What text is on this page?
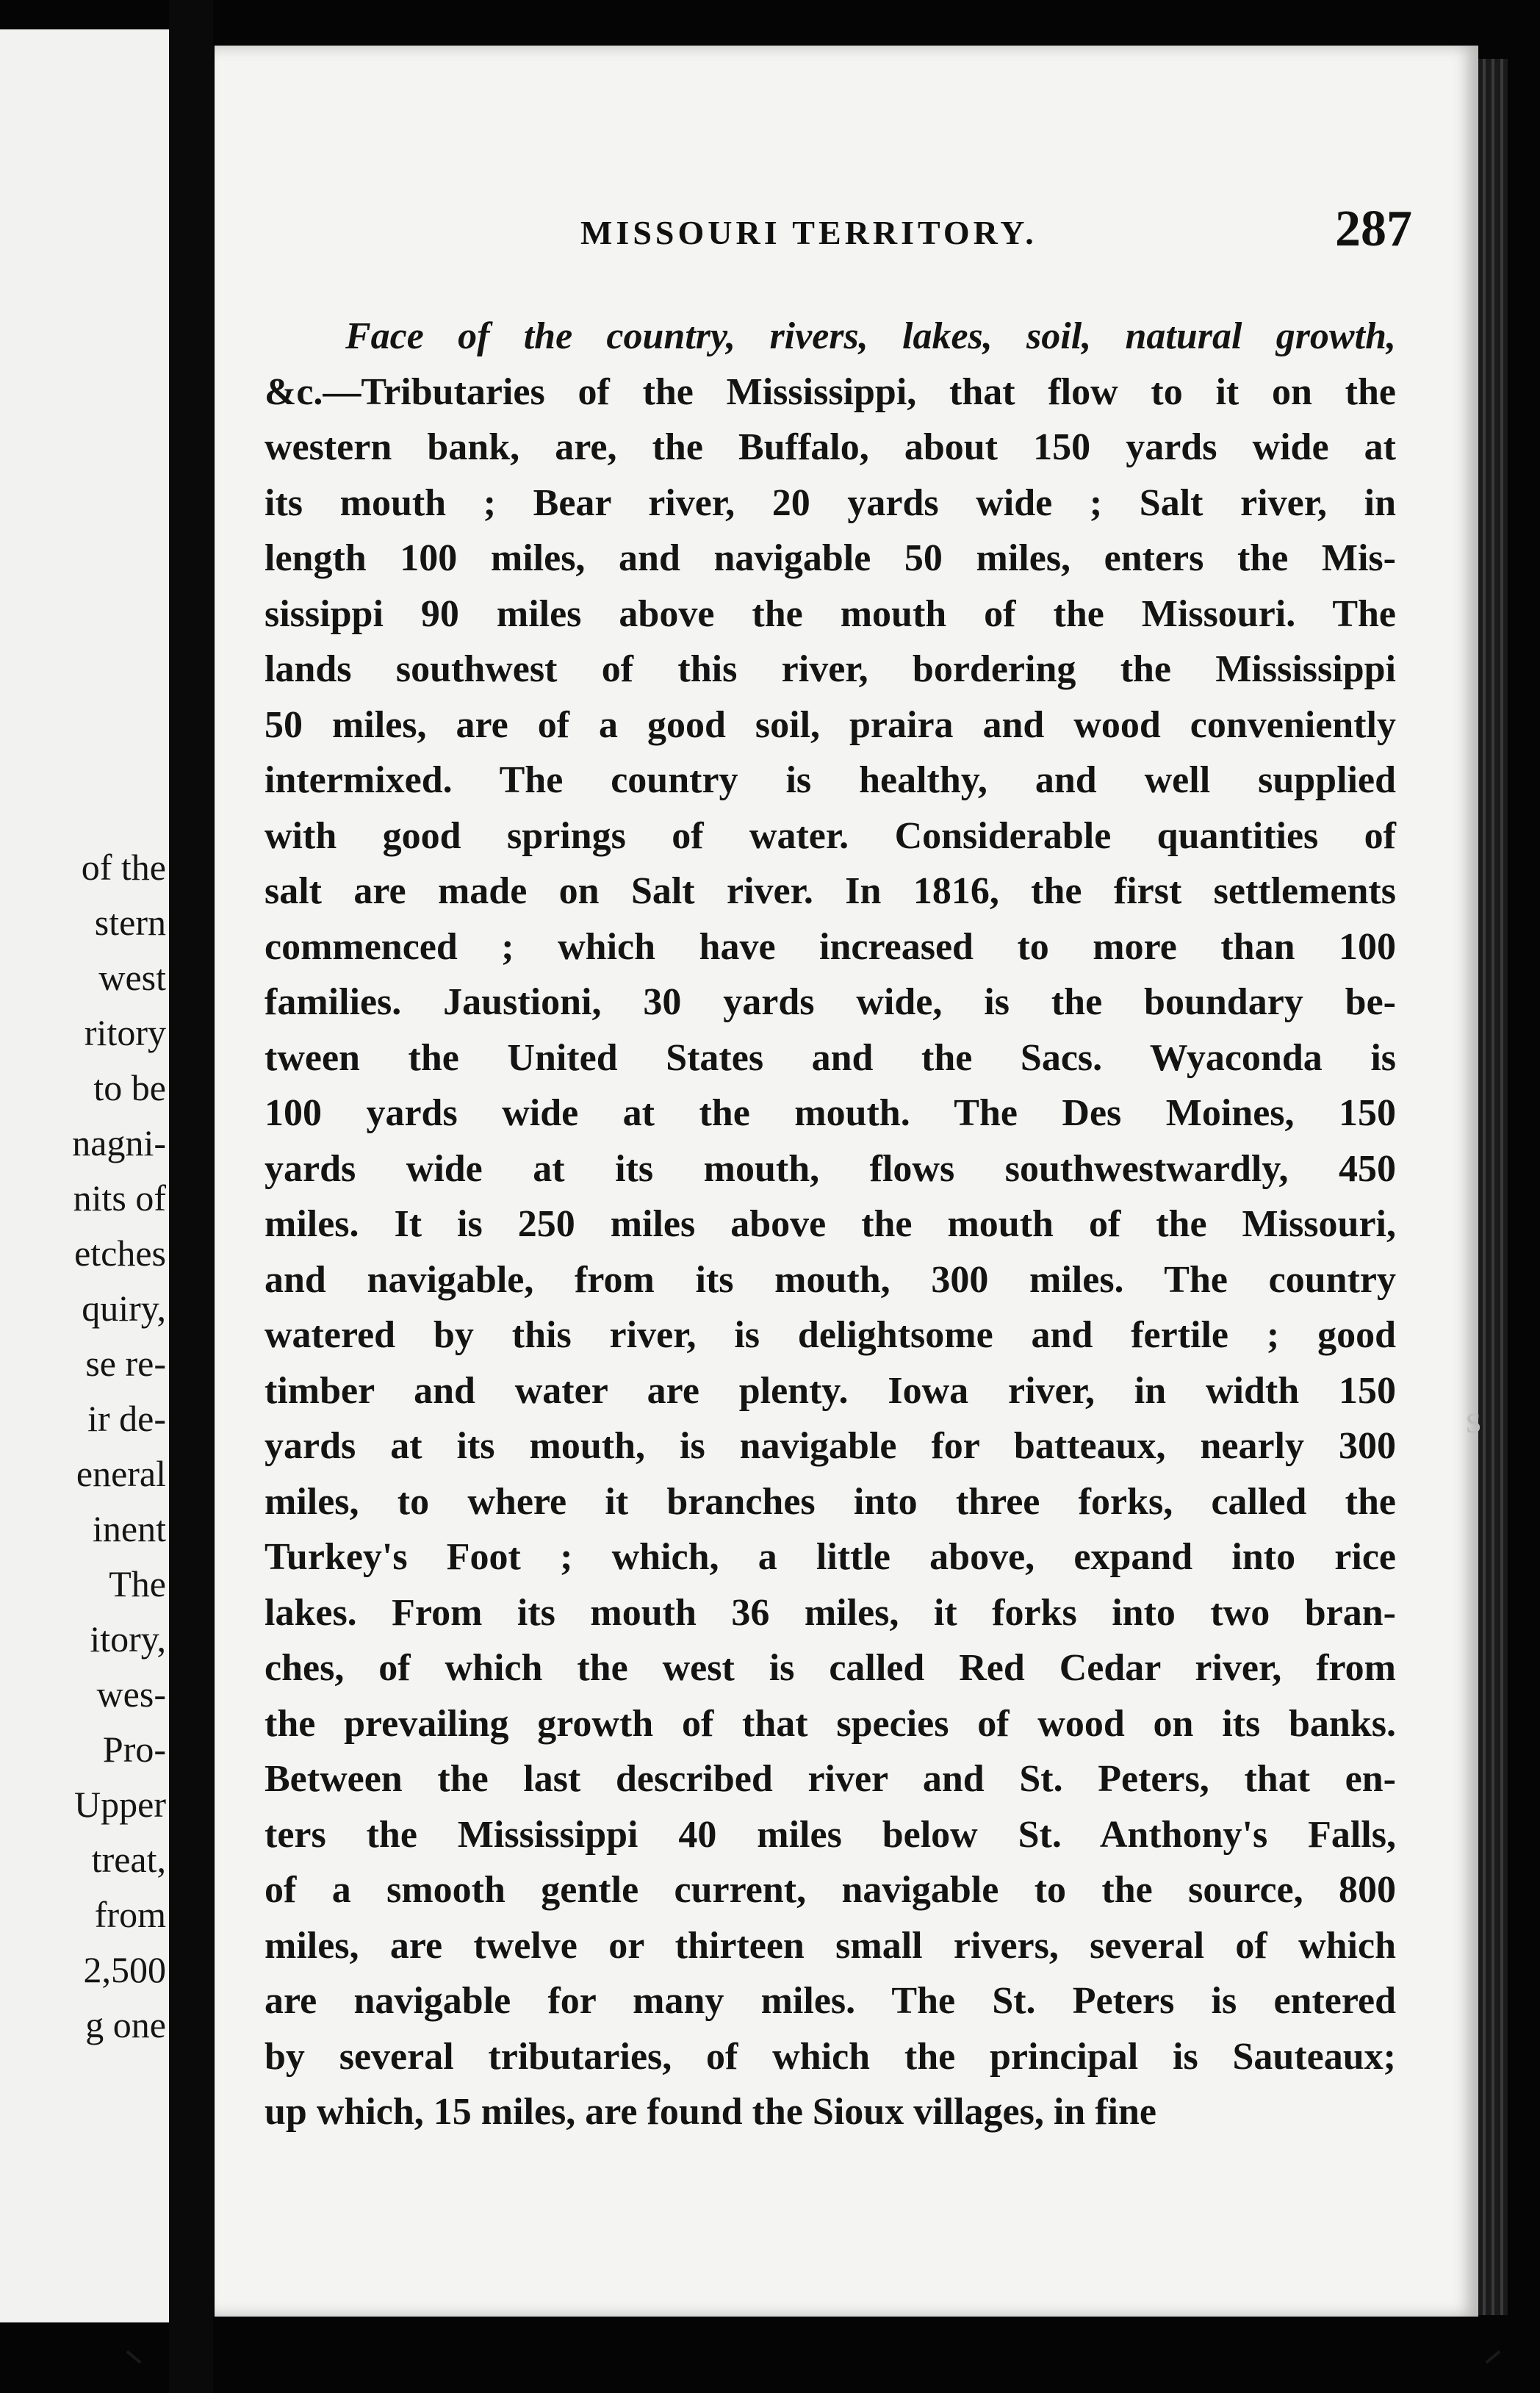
of the
stern
west
ritory
to be
nagni-
nits of
etches
quiry,
se re-
ir de-
eneral
inent
The
itory,
wes-
Pro-
Upper
treat,
from
2,500
g one
MISSOURI TERRITORY.	287
Face of the country, rivers, lakes, soil, natural growth,
&c.—Tributaries of the Mississippi, that flow to it on the
western bank, are, the Buffalo, about 150 yards wide at
its mouth ; Bear river, 20 yards wide ; Salt river, in
length 100 miles, and navigable 50 miles, enters the Mis-
sissippi 90 miles above the mouth of the Missouri. The
lands southwest of this river, bordering the Mississippi
50 miles, are of a good soil, praira and wood conveniently
intermixed. The country is healthy, and well supplied
with good springs of water. Considerable quantities of
salt are made on Salt river. In 1816, the first settlements
commenced ; which have increased to more than 100
families. Jaustioni, 30 yards wide, is the boundary be-
tween the United States and the Sacs. Wyaconda is
100 yards wide at the mouth. The Des Moines, 150
yards wide at its mouth, flows southwestwardly, 450
miles. It is 250 miles above the mouth of the Missouri,
and navigable, from its mouth, 300 miles. The country
watered by this river, is delightsome and fertile ; good
timber and water are plenty. Iowa river, in width 150
yards at its mouth, is navigable for batteaux, nearly 300
miles, to where it branches into three forks, called the
Turkey's Foot ; which, a little above, expand into rice
lakes. From its mouth 36 miles, it forks into two bran-
ches, of which the west is called Red Cedar river, from
the prevailing growth of that species of wood on its banks.
Between the last described river and St. Peters, that en-
ters the Mississippi 40 miles below St. Anthony's Falls,
of a smooth gentle current, navigable to the source, 800
miles, are twelve or thirteen small rivers, several of which
are navigable for many miles. The St. Peters is entered
by several tributaries, of which the principal is Sauteaux;
up which, 15 miles, are found the Sioux villages, in fine
s
